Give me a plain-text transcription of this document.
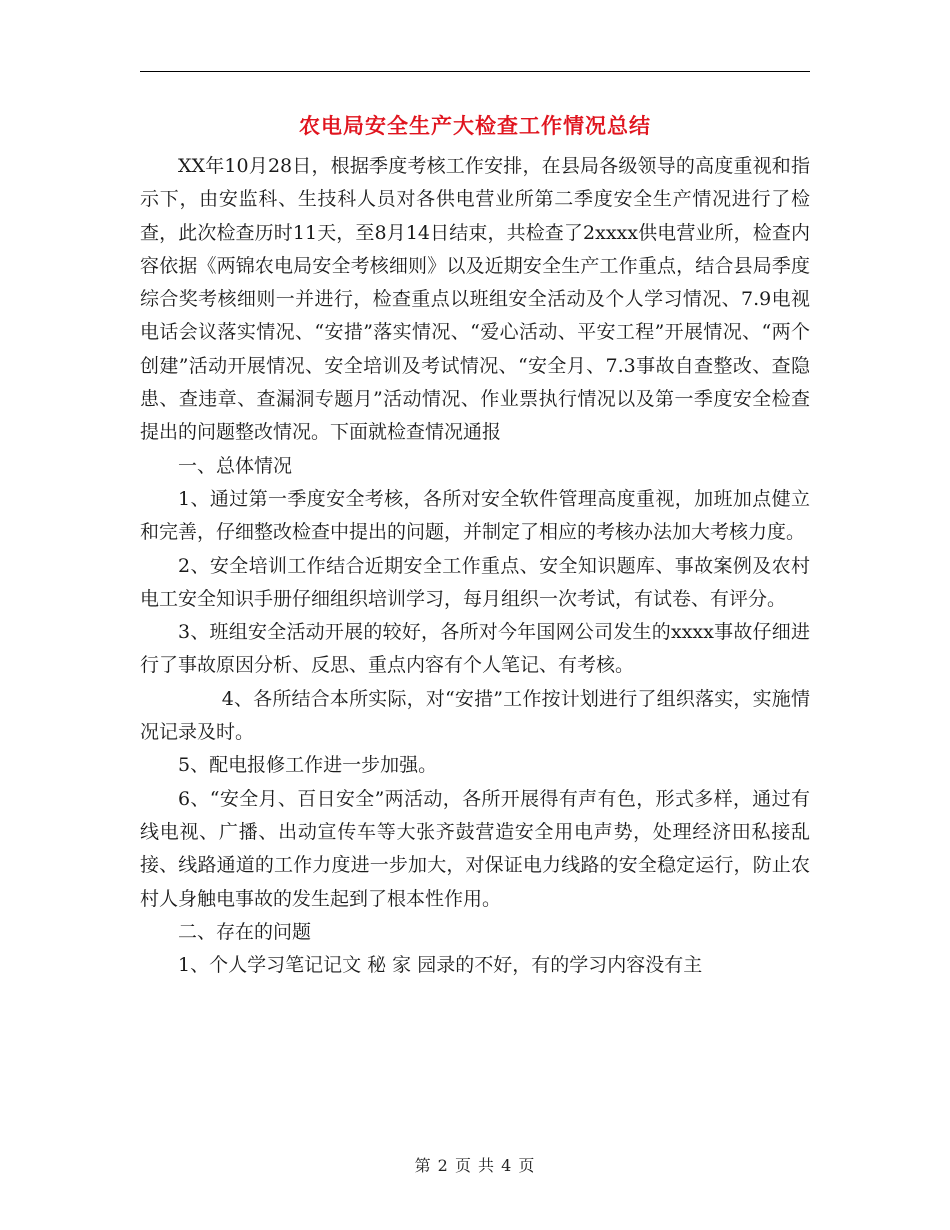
农电局安全生产大检查工作情况总结

XX年10月28日，根据季度考核工作安排，在县局各级领导的高度重视和指示下，由安监科、生技科人员对各供电营业所第二季度安全生产情况进行了检查，此次检查历时11天，至8月14日结束，共检查了2xxxx供电营业所，检查内容依据《两锦农电局安全考核细则》以及近期安全生产工作重点，结合县局季度综合奖考核细则一并进行，检查重点以班组安全活动及个人学习情况、7.9电视电话会议落实情况、“安措”落实情况、“爱心活动、平安工程”开展情况、“两个创建”活动开展情况、安全培训及考试情况、“安全月、7.3事故自查整改、查隐患、查违章、查漏洞专题月”活动情况、作业票执行情况以及第一季度安全检查提出的问题整改情况。下面就检查情况通报

一、总体情况

1、通过第一季度安全考核，各所对安全软件管理高度重视，加班加点健立和完善，仔细整改检查中提出的问题，并制定了相应的考核办法加大考核力度。

2、安全培训工作结合近期安全工作重点、安全知识题库、事故案例及农村电工安全知识手册仔细组织培训学习，每月组织一次考试，有试卷、有评分。

3、班组安全活动开展的较好，各所对今年国网公司发生的xxxx事故仔细进行了事故原因分析、反思、重点内容有个人笔记、有考核。

4、各所结合本所实际，对“安措”工作按计划进行了组织落实，实施情况记录及时。

5、配电报修工作进一步加强。

6、“安全月、百日安全”两活动，各所开展得有声有色，形式多样，通过有线电视、广播、出动宣传车等大张齐鼓营造安全用电声势，处理经济田私接乱接、线路通道的工作力度进一步加大，对保证电力线路的安全稳定运行，防止农村人身触电事故的发生起到了根本性作用。

二、存在的问题

1、个人学习笔记记文 秘 家 园录的不好，有的学习内容没有主

第 2 页 共 4 页
